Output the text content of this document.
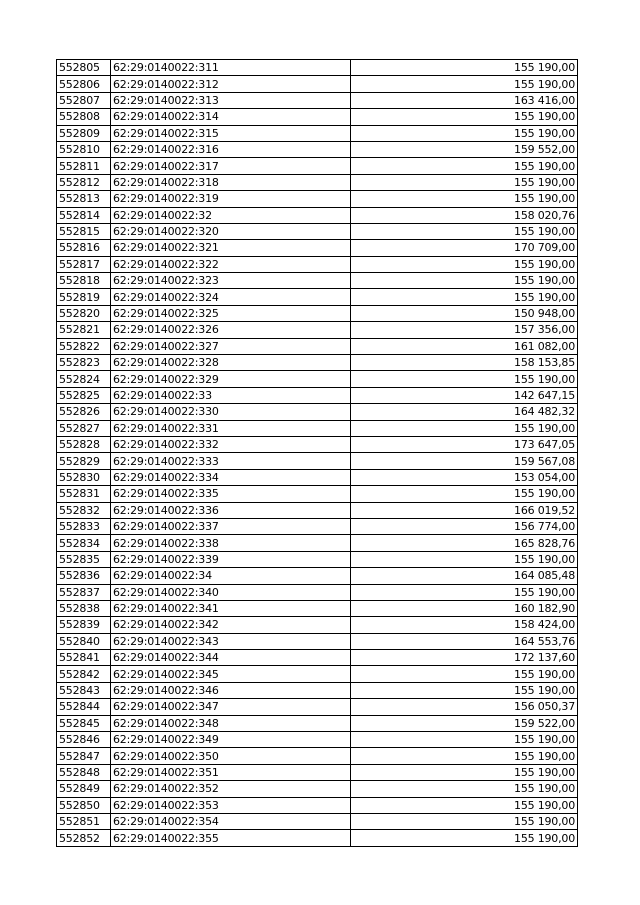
552805	62:29:0140022:311	155 190,00
552806	62:29:0140022:312	155 190,00
552807	62:29:0140022:313	163 416,00
552808	62:29:0140022:314	155 190,00
552809	62:29:0140022:315	155 190,00
552810	62:29:0140022:316	159 552,00
552811	62:29:0140022:317	155 190,00
552812	62:29:0140022:318	155 190,00
552813	62:29:0140022:319	155 190,00
552814	62:29:0140022:32	158 020,76
552815	62:29:0140022:320	155 190,00
552816	62:29:0140022:321	170 709,00
552817	62:29:0140022:322	155 190,00
552818	62:29:0140022:323	155 190,00
552819	62:29:0140022:324	155 190,00
552820	62:29:0140022:325	150 948,00
552821	62:29:0140022:326	157 356,00
552822	62:29:0140022:327	161 082,00
552823	62:29:0140022:328	158 153,85
552824	62:29:0140022:329	155 190,00
552825	62:29:0140022:33	142 647,15
552826	62:29:0140022:330	164 482,32
552827	62:29:0140022:331	155 190,00
552828	62:29:0140022:332	173 647,05
552829	62:29:0140022:333	159 567,08
552830	62:29:0140022:334	153 054,00
552831	62:29:0140022:335	155 190,00
552832	62:29:0140022:336	166 019,52
552833	62:29:0140022:337	156 774,00
552834	62:29:0140022:338	165 828,76
552835	62:29:0140022:339	155 190,00
552836	62:29:0140022:34	164 085,48
552837	62:29:0140022:340	155 190,00
552838	62:29:0140022:341	160 182,90
552839	62:29:0140022:342	158 424,00
552840	62:29:0140022:343	164 553,76
552841	62:29:0140022:344	172 137,60
552842	62:29:0140022:345	155 190,00
552843	62:29:0140022:346	155 190,00
552844	62:29:0140022:347	156 050,37
552845	62:29:0140022:348	159 522,00
552846	62:29:0140022:349	155 190,00
552847	62:29:0140022:350	155 190,00
552848	62:29:0140022:351	155 190,00
552849	62:29:0140022:352	155 190,00
552850	62:29:0140022:353	155 190,00
552851	62:29:0140022:354	155 190,00
552852	62:29:0140022:355	155 190,00
